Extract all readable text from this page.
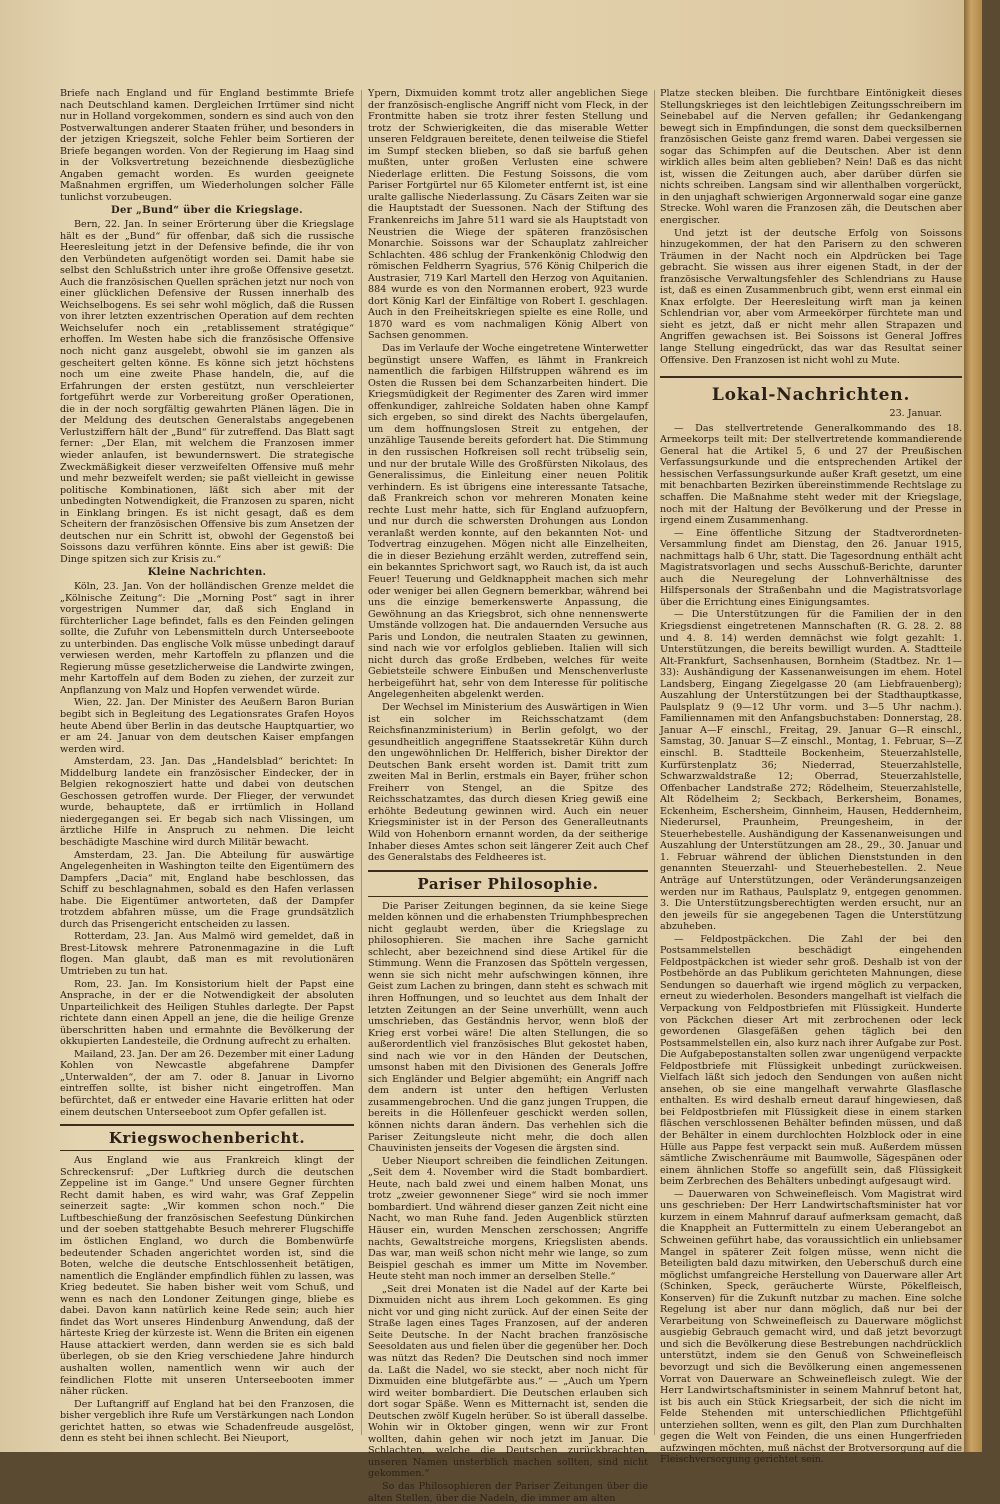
Briefe nach England und für England bestimmte Briefe nach Deutschland kamen. Dergleichen Irrtümer sind nicht nur in Holland vorgekommen, sondern es sind auch von den Postverwaltungen anderer Staaten früher, und besonders in der jetzigen Kriegszeit, solche Fehler beim Sortieren der Briefe begangen worden. Von der Regierung im Haag sind in der Volksvertretung bezeichnende diesbezügliche Angaben gemacht worden. Es wurden geeignete Maßnahmen ergriffen, um Wiederholungen solcher Fälle tunlichst vorzubeugen.

Der „Bund“ über die Kriegslage.

Bern, 22. Jan. In seiner Erörterung über die Kriegslage hält es der „Bund“ für offenbar, daß sich die russische Heeresleitung jetzt in der Defensive befinde, die ihr von den Verbündeten aufgenötigt worden sei. Damit habe sie selbst den Schlußstrich unter ihre große Offensive gesetzt. Auch die französischen Quellen sprächen jetzt nur noch von einer glücklichen Defensive der Russen innerhalb des Weichselbogens. Es sei sehr wohl möglich, daß die Russen von ihrer letzten exzentrischen Operation auf dem rechten Weichselufer noch ein „retablissement stratégique“ erhoffen. Im Westen habe sich die französische Offensive noch nicht ganz ausgelebt, obwohl sie im ganzen als gescheitert gelten könne. Es könne sich jetzt höchstens noch um eine zweite Phase handeln, die, auf die Erfahrungen der ersten gestützt, nun verschleierter fortgeführt werde zur Vorbereitung großer Operationen, die in der noch sorgfältig gewahrten Plänen lägen. Die in der Meldung des deutschen Generalstabs angegebenen Verlustziffern hält der „Bund“ für zutreffend. Das Blatt sagt ferner: „Der Elan, mit welchem die Franzosen immer wieder anlaufen, ist bewundernswert. Die strategische Zweckmäßigkeit dieser verzweifelten Offensive muß mehr und mehr bezweifelt werden; sie paßt vielleicht in gewisse politische Kombinationen, läßt sich aber mit der unbedingten Notwendigkeit, die Franzosen zu sparen, nicht in Einklang bringen. Es ist nicht gesagt, daß es dem Scheitern der französischen Offensive bis zum Ansetzen der deutschen nur ein Schritt ist, obwohl der Gegenstoß bei Soissons dazu verführen könnte. Eins aber ist gewiß: Die Dinge spitzen sich zur Krisis zu.“

Kleine Nachrichten.

Köln, 23. Jan. Von der holländischen Grenze meldet die „Kölnische Zeitung“: Die „Morning Post“ sagt in ihrer vorgestrigen Nummer dar, daß sich England in fürchterlicher Lage befindet, falls es den Feinden gelingen sollte, die Zufuhr von Lebensmitteln durch Unterseeboote zu unterbinden. Das englische Volk müsse unbedingt darauf verwiesen werden, mehr Kartoffeln zu pflanzen und die Regierung müsse gesetzlicherweise die Landwirte zwingen, mehr Kartoffeln auf dem Boden zu ziehen, der zurzeit zur Anpflanzung von Malz und Hopfen verwendet würde.

Wien, 22. Jan. Der Minister des Aeußern Baron Burian begibt sich in Begleitung des Legationsrates Grafen Hoyos heute Abend über Berlin in das deutsche Hauptquartier, wo er am 24. Januar von dem deutschen Kaiser empfangen werden wird.

Amsterdam, 23. Jan. Das „Handelsblad“ berichtet: In Middelburg landete ein französischer Eindecker, der in Belgien rekognosziert hatte und dabei von deutschen Geschossen getroffen wurde. Der Flieger, der verwundet wurde, behauptete, daß er irrtümlich in Holland niedergegangen sei. Er begab sich nach Vlissingen, um ärztliche Hilfe in Anspruch zu nehmen. Die leicht beschädigte Maschine wird durch Militär bewacht.

Amsterdam, 23. Jan. Die Abteilung für auswärtige Angelegenheiten in Washington teilte den Eigentümern des Dampfers „Dacia“ mit, England habe beschlossen, das Schiff zu beschlagnahmen, sobald es den Hafen verlassen habe. Die Eigentümer antworteten, daß der Dampfer trotzdem abfahren müsse, um die Frage grundsätzlich durch das Prisengericht entscheiden zu lassen.

Rotterdam, 23. Jan. Aus Malmö wird gemeldet, daß in Brest-Litowsk mehrere Patronenmagazine in die Luft flogen. Man glaubt, daß man es mit revolutionären Umtrieben zu tun hat.

Rom, 23. Jan. Im Konsistorium hielt der Papst eine Ansprache, in der er die Notwendigkeit der absoluten Unparteilichkeit des Heiligen Stuhles darlegte. Der Papst richtete dann einen Appell an jene, die die heilige Grenze überschritten haben und ermahnte die Bevölkerung der okkupierten Landesteile, die Ordnung aufrecht zu erhalten.

Mailand, 23. Jan. Der am 26. Dezember mit einer Ladung Kohlen von Newcastle abgefahrene Dampfer „Unterwalden“, der am 7. oder 8. Januar in Livorno eintreffen sollte, ist bisher nicht eingetroffen. Man befürchtet, daß er entweder eine Havarie erlitten hat oder einem deutschen Unterseeboot zum Opfer gefallen ist.

Kriegswochenbericht.

Aus England wie aus Frankreich klingt der Schreckensruf: „Der Luftkrieg durch die deutschen Zeppeline ist im Gange.“ Und unsere Gegner fürchten Recht damit haben, es wird wahr, was Graf Zeppelin seinerzeit sagte: „Wir kommen schon noch.“ Die Luftbeschießung der französischen Seefestung Dünkirchen und der soeben stattgehabte Besuch mehrerer Flugschiffe im östlichen England, wo durch die Bombenwürfe bedeutender Schaden angerichtet worden ist, sind die Boten, welche die deutsche Entschlossenheit betätigen, namentlich die Engländer empfindlich fühlen zu lassen, was Krieg bedeutet. Sie haben bisher weit vom Schuß, und wenn es nach den Londoner Zeitungen ginge, bliebe es dabei. Davon kann natürlich keine Rede sein; auch hier findet das Wort unseres Hindenburg Anwendung, daß der härteste Krieg der kürzeste ist. Wenn die Briten ein eigenen Hause attackiert werden, dann werden sie es sich bald überlegen, ob sie den Krieg verschiedene Jahre hindurch aushalten wollen, namentlich wenn wir auch der feindlichen Flotte mit unseren Unterseebooten immer näher rücken.

Der Luftangriff auf England hat bei den Franzosen, die bisher vergeblich ihre Rufe um Verstärkungen nach London gerichtet hatten, so etwas wie Schadenfreude ausgelöst, denn es steht bei ihnen schlecht. Bei Nieuport,

Ypern, Dixmuiden kommt trotz aller angeblichen Siege der französisch-englische Angriff nicht vom Fleck, in der Frontmitte haben sie trotz ihrer festen Stellung und trotz der Schwierigkeiten, die das miserable Wetter unseren Feldgrauen bereitete, denen teilweise die Stiefel im Sumpf stecken blieben, so daß sie barfuß gehen mußten, unter großen Verlusten eine schwere Niederlage erlitten. Die Festung Soissons, die vom Pariser Fortgürtel nur 65 Kilometer entfernt ist, ist eine uralte gallische Niederlassung. Zu Cäsars Zeiten war sie die Hauptstadt der Suessonen. Nach der Stiftung des Frankenreichs im Jahre 511 ward sie als Hauptstadt von Neustrien die Wiege der späteren französischen Monarchie. Soissons war der Schauplatz zahlreicher Schlachten. 486 schlug der Frankenkönig Chlodwig den römischen Feldherrn Syagrius, 576 König Chilperich die Austrasier, 719 Karl Martell den Herzog von Aquitanien. 884 wurde es von den Normannen erobert, 923 wurde dort König Karl der Einfältige von Robert I. geschlagen. Auch in den Freiheitskriegen spielte es eine Rolle, und 1870 ward es vom nachmaligen König Albert von Sachsen genommen.

Das im Verlaufe der Woche eingetretene Winterwetter begünstigt unsere Waffen, es lähmt in Frankreich namentlich die farbigen Hilfstruppen während es im Osten die Russen bei dem Schanzarbeiten hindert. Die Kriegsmüdigkeit der Regimenter des Zaren wird immer offenkundiger, zahlreiche Soldaten haben ohne Kampf sich ergeben, so sind direkt des Nachts übergelaufen, um dem hoffnungslosen Streit zu entgehen, der unzählige Tausende bereits gefordert hat. Die Stimmung in den russischen Hofkreisen soll recht trübselig sein, und nur der brutale Wille des Großfürsten Nikolaus, des Generalissimus, die Einleitung einer neuen Politik verhindern. Es ist übrigens eine interessante Tatsache, daß Frankreich schon vor mehreren Monaten keine rechte Lust mehr hatte, sich für England aufzuopfern, und nur durch die schwersten Drohungen aus London veranlaßt werden konnte, auf den bekannten Not- und Todvertrag einzugehen. Mögen nicht alle Einzelheiten, die in dieser Beziehung erzählt werden, zutreffend sein, ein bekanntes Sprichwort sagt, wo Rauch ist, da ist auch Feuer! Teuerung und Geldknappheit machen sich mehr oder weniger bei allen Gegnern bemerkbar, während bei uns die einzige bemerkenswerte Anpassung, die Gewöhnung an das Kriegsbrot, sich ohne nennenswerte Umstände vollzogen hat. Die andauernden Versuche aus Paris und London, die neutralen Staaten zu gewinnen, sind nach wie vor erfolglos geblieben. Italien will sich nicht durch das große Erdbeben, welches für weite Gebietsteile schwere Einbußen und Menschenverluste herbeigeführt hat, sehr von dem Interesse für politische Angelegenheiten abgelenkt werden.

Der Wechsel im Ministerium des Auswärtigen in Wien ist ein solcher im Reichsschatzamt (dem Reichsfinanzministerium) in Berlin gefolgt, wo der gesundheitlich angegriffene Staatssekretär Kühn durch den ungewöhnlichen Dr. Helfferich, bisher Direktor der Deutschen Bank erseht worden ist. Damit tritt zum zweiten Mal in Berlin, erstmals ein Bayer, früher schon Freiherr von Stengel, an die Spitze des Reichsschatzamtes, das durch diesen Krieg gewiß eine erhöhte Bedeutung gewinnen wird. Auch ein neuer Kriegsminister ist in der Person des Generalleutnants Wild von Hohenborn ernannt worden, da der seitherige Inhaber dieses Amtes schon seit längerer Zeit auch Chef des Generalstabs des Feldheeres ist.

Pariser Philosophie.

Die Pariser Zeitungen beginnen, da sie keine Siege melden können und die erhabensten Triumphbesprechen nicht geglaubt werden, über die Kriegslage zu philosophieren. Sie machen ihre Sache garnicht schlecht, aber bezeichnend sind diese Artikel für die Stimmung. Wenn die Franzosen das Spötteln vergessen, wenn sie sich nicht mehr aufschwingen können, ihre Geist zum Lachen zu bringen, dann steht es schwach mit ihren Hoffnungen, und so leuchtet aus dem Inhalt der letzten Zeitungen an der Seine unverhüllt, wenn auch umschrieben, das Geständnis hervor, wenn bloß der Krieg erst vorbei wäre! Die alten Stellungen, die so außerordentlich viel französisches Blut gekostet haben, sind nach wie vor in den Händen der Deutschen, umsonst haben mit den Divisionen des Generals Joffre sich Engländer und Belgier abgemüht; ein Angriff nach dem andern ist unter den heftigen Verlusten zusammengebrochen. Und die ganz jungen Truppen, die bereits in die Höllenfeuer geschickt werden sollen, können nichts daran ändern. Das verhehlen sich die Pariser Zeitungsleute nicht mehr, die doch allen Chauvinisten jenseits der Vogesen die ärgsten sind.

Ueber Nieuport schreiben die feindlichen Zeitungen. „Seit dem 4. November wird die Stadt bombardiert. Heute, nach bald zwei und einem halben Monat, uns trotz „zweier gewonnener Siege“ wird sie noch immer bombardiert. Und während dieser ganzen Zeit nicht eine Nacht, wo man Ruhe fand. Jeden Augenblick stürzten Häuser ein, wurden Menschen zerschossen; Angriffe nachts, Gewaltstreiche morgens, Kriegslisten abends. Das war, man weiß schon nicht mehr wie lange, so zum Beispiel geschah es immer um Mitte im November. Heute steht man noch immer an derselben Stelle.“

„Seit drei Monaten ist die Nadel auf der Karte bei Dixmuiden nicht aus ihrem Loch gekommen. Es ging nicht vor und ging nicht zurück. Auf der einen Seite der Straße lagen eines Tages Franzosen, auf der anderen Seite Deutsche. In der Nacht brachen französische Seesoldaten aus und fielen über die gegenüber her. Doch was nützt das Reden? Die Deutschen sind noch immer da. Laßt die Nadel, wo sie steckt, aber noch nicht für Dixmuiden eine blutgefärbte aus.“ — „Auch um Ypern wird weiter bombardiert. Die Deutschen erlauben sich dort sogar Späße. Wenn es Mitternacht ist, senden die Deutschen zwölf Kugeln herüber. So ist überall dasselbe. Wohin wir in Oktober gingen, wenn wir zur Front wollten, dahin gehen wir noch jetzt im Januar. Die Schlachten, welche die Deutschen zurückbrachten, unseren Namen unsterblich machen sollten, sind nicht gekommen.“

So das Philosophieren der Pariser Zeitungen über die alten Stellen, über die Nadeln, die immer am alten

Platze stecken bleiben. Die furchtbare Eintönigkeit dieses Stellungskrieges ist den leichtlebigen Zeitungsschreibern im Seinebabel auf die Nerven gefallen; ihr Gedankengang bewegt sich in Empfindungen, die sonst dem quecksilbernen französischen Geiste ganz fremd waren. Dabei vergessen sie sogar das Schimpfen auf die Deutschen. Aber ist denn wirklich alles beim alten geblieben? Nein! Daß es das nicht ist, wissen die Zeitungen auch, aber darüber dürfen sie nichts schreiben. Langsam sind wir allenthalben vorgerückt, in den unjaghaft schwierigen Argonnerwald sogar eine ganze Strecke. Wohl waren die Franzosen zäh, die Deutschen aber energischer.

Und jetzt ist der deutsche Erfolg von Soissons hinzugekommen, der hat den Parisern zu den schweren Träumen in der Nacht noch ein Alpdrücken bei Tage gebracht. Sie wissen aus ihrer eigenen Stadt, in der der französische Verwaltungsfehler des Schlendrians zu Hause ist, daß es einen Zusammenbruch gibt, wenn erst einmal ein Knax erfolgte. Der Heeresleitung wirft man ja keinen Schlendrian vor, aber vom Armeekörper fürchtete man und sieht es jetzt, daß er nicht mehr allen Strapazen und Angriffen gewachsen ist. Bei Soissons ist General Joffres lange Stellung eingedrückt, das war das Resultat seiner Offensive. Den Franzosen ist nicht wohl zu Mute.

Lokal-Nachrichten.
23. Januar.

— Das stellvertretende Generalkommando des 18. Armeekorps teilt mit: Der stellvertretende kommandierende General hat die Artikel 5, 6 und 27 der Preußischen Verfassungsurkunde und die entsprechenden Artikel der hessischen Verfassungsurkunde außer Kraft gesetzt, um eine mit benachbarten Bezirken übereinstimmende Rechtslage zu schaffen. Die Maßnahme steht weder mit der Kriegslage, noch mit der Haltung der Bevölkerung und der Presse in irgend einem Zusammenhang.

— Eine öffentliche Sitzung der Stadtverordneten-Versammlung findet am Dienstag, den 26. Januar 1915, nachmittags halb 6 Uhr, statt. Die Tagesordnung enthält acht Magistratsvorlagen und sechs Ausschuß-Berichte, darunter auch die Neuregelung der Lohnverhältnisse des Hilfspersonals der Straßenbahn und die Magistratsvorlage über die Errichtung eines Einigungsamtes.

— Die Unterstützungen für die Familien der in den Kriegsdienst eingetretenen Mannschaften (R. G. 28. 2. 88 und 4. 8. 14) werden demnächst wie folgt gezahlt: 1. Unterstützungen, die bereits bewilligt wurden. A. Stadtteile Alt-Frankfurt, Sachsenhausen, Bornheim (Stadtbez. Nr. 1—33): Aushändigung der Kassenanweisungen im ehem. Hotel Landsberg, Eingang Ziegelgasse 20 (am Liebfrauenberg); Auszahlung der Unterstützungen bei der Stadthauptkasse, Paulsplatz 9 (9—12 Uhr vorm. und 3—5 Uhr nachm.). Familiennamen mit den Anfangsbuchstaben: Donnerstag, 28. Januar A—F einschl., Freitag, 29. Januar G—R einschl., Samstag, 30. Januar S—Z einschl., Montag, 1. Februar, S—Z einschl. B. Stadtteile Bockenheim, Steuerzahlstelle, Kurfürstenplatz 36; Niederrad, Steuerzahlstelle, Schwarzwaldstraße 12; Oberrad, Steuerzahlstelle, Offenbacher Landstraße 272; Rödelheim, Steuerzahlstelle, Alt Rödelheim 2; Seckbach, Berkersheim, Bonames, Eckenheim, Eschersheim, Ginnheim, Hausen, Heddernheim, Niederursel, Praunheim, Preungesheim, in der Steuerhebestelle. Aushändigung der Kassenanweisungen und Auszahlung der Unterstützungen am 28., 29., 30. Januar und 1. Februar während der üblichen Dienststunden in den genannten Steuerzahl- und Steuerhebestellen. 2. Neue Anträge auf Unterstützungen, oder Veränderungsanzeigen werden nur im Rathaus, Paulsplatz 9, entgegen genommen. 3. Die Unterstützungsberechtigten werden ersucht, nur an den jeweils für sie angegebenen Tagen die Unterstützung abzuheben.

— Feldpostpäckchen. Die Zahl der bei den Postsammelstellen beschädigt eingehenden Feldpostpäckchen ist wieder sehr groß. Deshalb ist von der Postbehörde an das Publikum gerichteten Mahnungen, diese Sendungen so dauerhaft wie irgend möglich zu verpacken, erneut zu wiederholen. Besonders mangelhaft ist vielfach die Verpackung von Feldpostbriefen mit Flüssigkeit. Hunderte von Päckchen dieser Art mit zerbrochenen oder leck gewordenen Glasgefäßen gehen täglich bei den Postsammelstellen ein, also kurz nach ihrer Aufgabe zur Post. Die Aufgabepostanstalten sollen zwar ungenügend verpackte Feldpostbriefe mit Flüssigkeit unbedingt zurückweisen. Vielfach läßt sich jedoch den Sendungen von außen nicht ansehen, ob sie eine mangelhaft verwahrte Glasflasche enthalten. Es wird deshalb erneut darauf hingewiesen, daß bei Feldpostbriefen mit Flüssigkeit diese in einem starken fläschen verschlossenen Behälter befinden müssen, und daß der Behälter in einem durchlochten Holzblock oder in eine Hülle aus Pappe fest verpackt sein muß. Außerdem müssen sämtliche Zwischenräume mit Baumwolle, Sägespänen oder einem ähnlichen Stoffe so angefüllt sein, daß Flüssigkeit beim Zerbrechen des Behälters unbedingt aufgesaugt wird.

— Dauerwaren von Schweinefleisch. Vom Magistrat wird uns geschrieben: Der Herr Landwirtschaftsminister hat vor kurzem in einem Mahnruf darauf aufmerksam gemacht, daß die Knappheit an Futtermitteln zu einem Ueberangebot an Schweinen geführt habe, das voraussichtlich ein unliebsamer Mangel in späterer Zeit folgen müsse, wenn nicht die Beteiligten bald dazu mitwirken, den Ueberschuß durch eine möglichst umfangreiche Herstellung von Dauerware aller Art (Schinken, Speck, geräucherte Würste, Pökelfleisch, Konserven) für die Zukunft nutzbar zu machen. Eine solche Regelung ist aber nur dann möglich, daß nur bei der Verarbeitung von Schweinefleisch zu Dauerware möglichst ausgiebig Gebrauch gemacht wird, und daß jetzt bevorzugt und sich die Bevölkerung diese Bestrebungen nachdrücklich unterstützt, indem sie den Genuß von Schweinefleisch bevorzugt und sich die Bevölkerung einen angemessenen Vorrat von Dauerware an Schweinefleisch zulegt. Wie der Herr Landwirtschaftsminister in seinem Mahnruf betont hat, ist bis auch ein Stück Kriegsarbeit, der sich die nicht im Felde Stehenden mit unterschiedlichen Pflichtgefühl unterziehen sollten, wenn es gilt, den Plan zum Durchhalten gegen die Welt von Feinden, die uns einen Hungerfrieden aufzwingen möchten, muß nächst der Brotversorgung auf die Fleischversorgung gerichtet sein.
